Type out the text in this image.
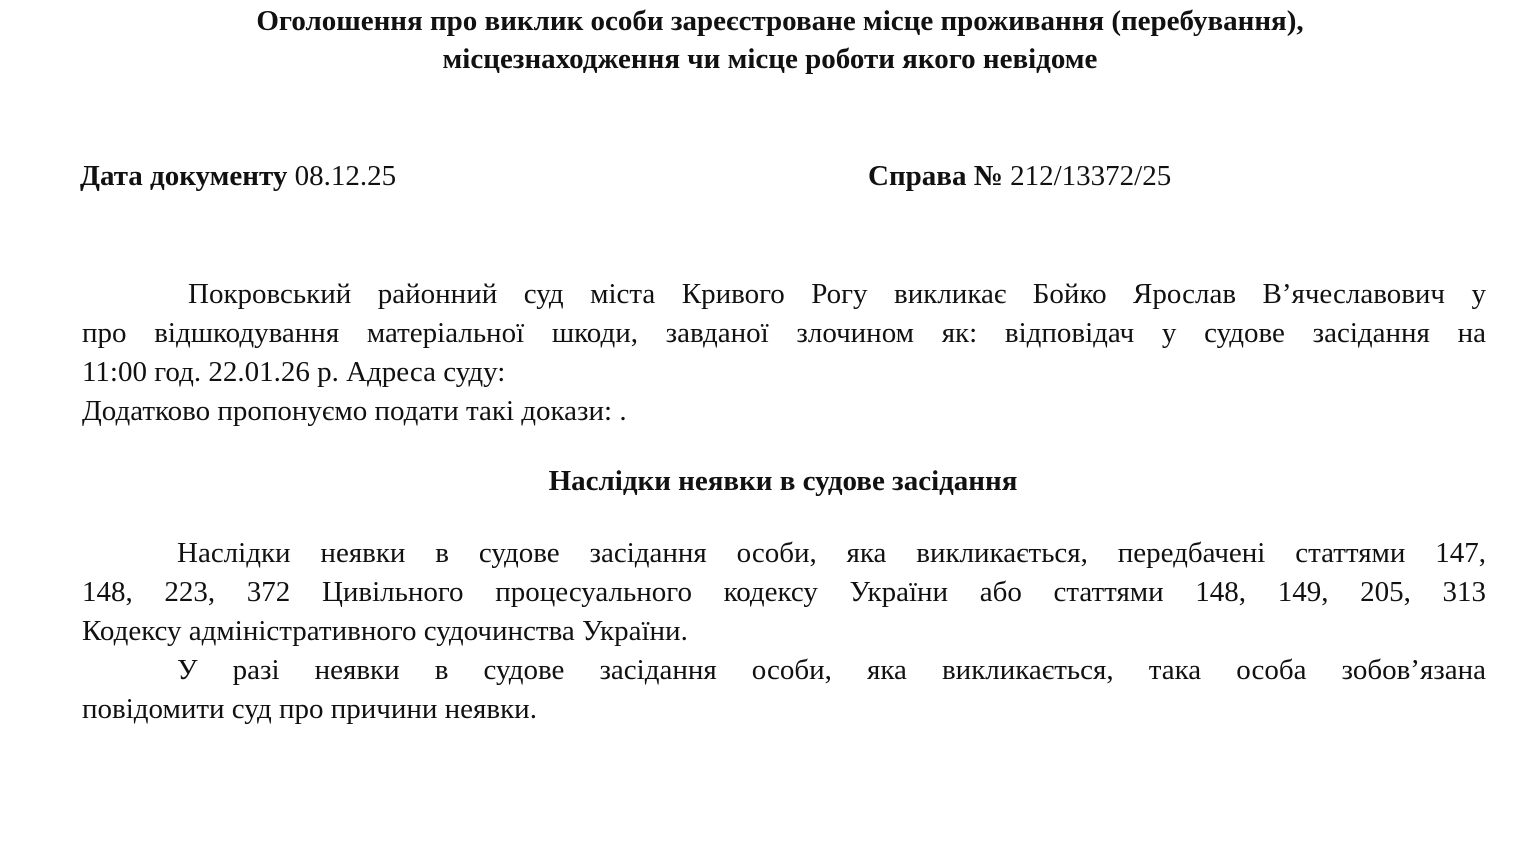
Оголошення про виклик особи зареєстроване місце проживання (перебування),
місцезнаходження чи місце роботи якого невідоме
Дата документу 08.12.25	Справа № 212/13372/25
Покровський районний суд міста Кривого Рогу викликає Бойко Ярослав В’ячеславович у
про відшкодування матеріальної шкоди, завданої злочином як: відповідач у судове засідання на
11:00 год. 22.01.26 р. Адреса суду:
Додатково пропонуємо подати такі докази: .
Наслідки неявки в судове засідання
Наслідки неявки в судове засідання особи, яка викликається, передбачені статтями 147,
148, 223, 372 Цивільного процесуального кодексу України або статтями 148, 149, 205, 313
Кодексу адміністративного судочинства України.
У разі неявки в судове засідання особи, яка викликається, така особа зобов’язана
повідомити суд про причини неявки.
